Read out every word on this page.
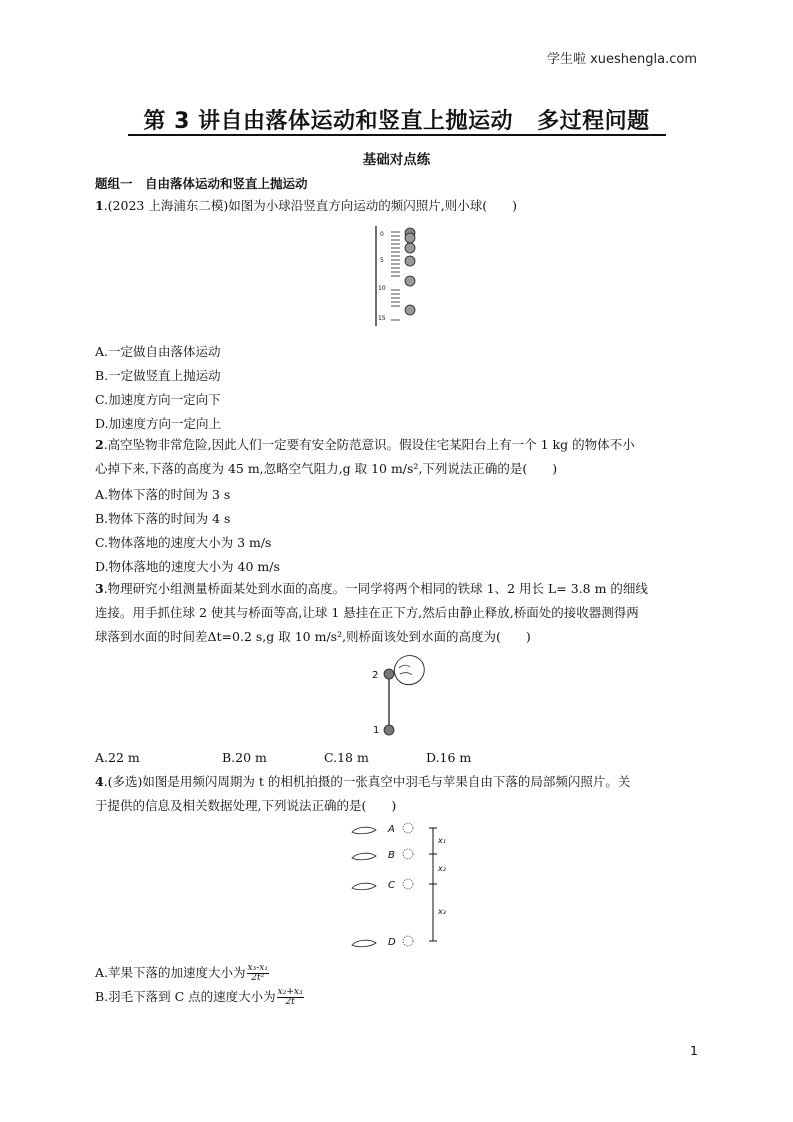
学生啦 xueshengla.com
第 3 讲自由落体运动和竖直上抛运动 多过程问题
基础对点练
题组一　自由落体运动和竖直上抛运动
1.(2023 上海浦东二模)如图为小球沿竖直方向运动的频闪照片,则小球(　　)
0
5
10
15
A.一定做自由落体运动
B.一定做竖直上抛运动
C.加速度方向一定向下
D.加速度方向一定向上
2.高空坠物非常危险,因此人们一定要有安全防范意识。假设住宅某阳台上有一个 1 kg 的物体不小
心掉下来,下落的高度为 45 m,忽略空气阻力,g 取 10 m/s²,下列说法正确的是(　　)
A.物体下落的时间为 3 s
B.物体下落的时间为 4 s
C.物体落地的速度大小为 3 m/s
D.物体落地的速度大小为 40 m/s
3.物理研究小组测量桥面某处到水面的高度。一同学将两个相同的铁球 1、2 用长 L= 3.8 m 的细线
连接。用手抓住球 2 使其与桥面等高,让球 1 悬挂在正下方,然后由静止释放,桥面处的接收器测得两
球落到水面的时间差Δt=0.2 s,g 取 10 m/s²,则桥面该处到水面的高度为(　　)
2
1
A.22 m	B.20 m	C.18 m	D.16 m
4.(多选)如图是用频闪周期为 t 的相机拍摄的一张真空中羽毛与苹果自由下落的局部频闪照片。关
于提供的信息及相关数据处理,下列说法正确的是(　　)
A
B
C
D
x₁
x₂
x₃
A.苹果下落的加速度大小为 $\frac{\text{x₃-x₁}}{\text{2t²}}$
B.羽毛下落到 C 点的速度大小为 $\frac{\text{x₂+x₃}}{2t}$
1
